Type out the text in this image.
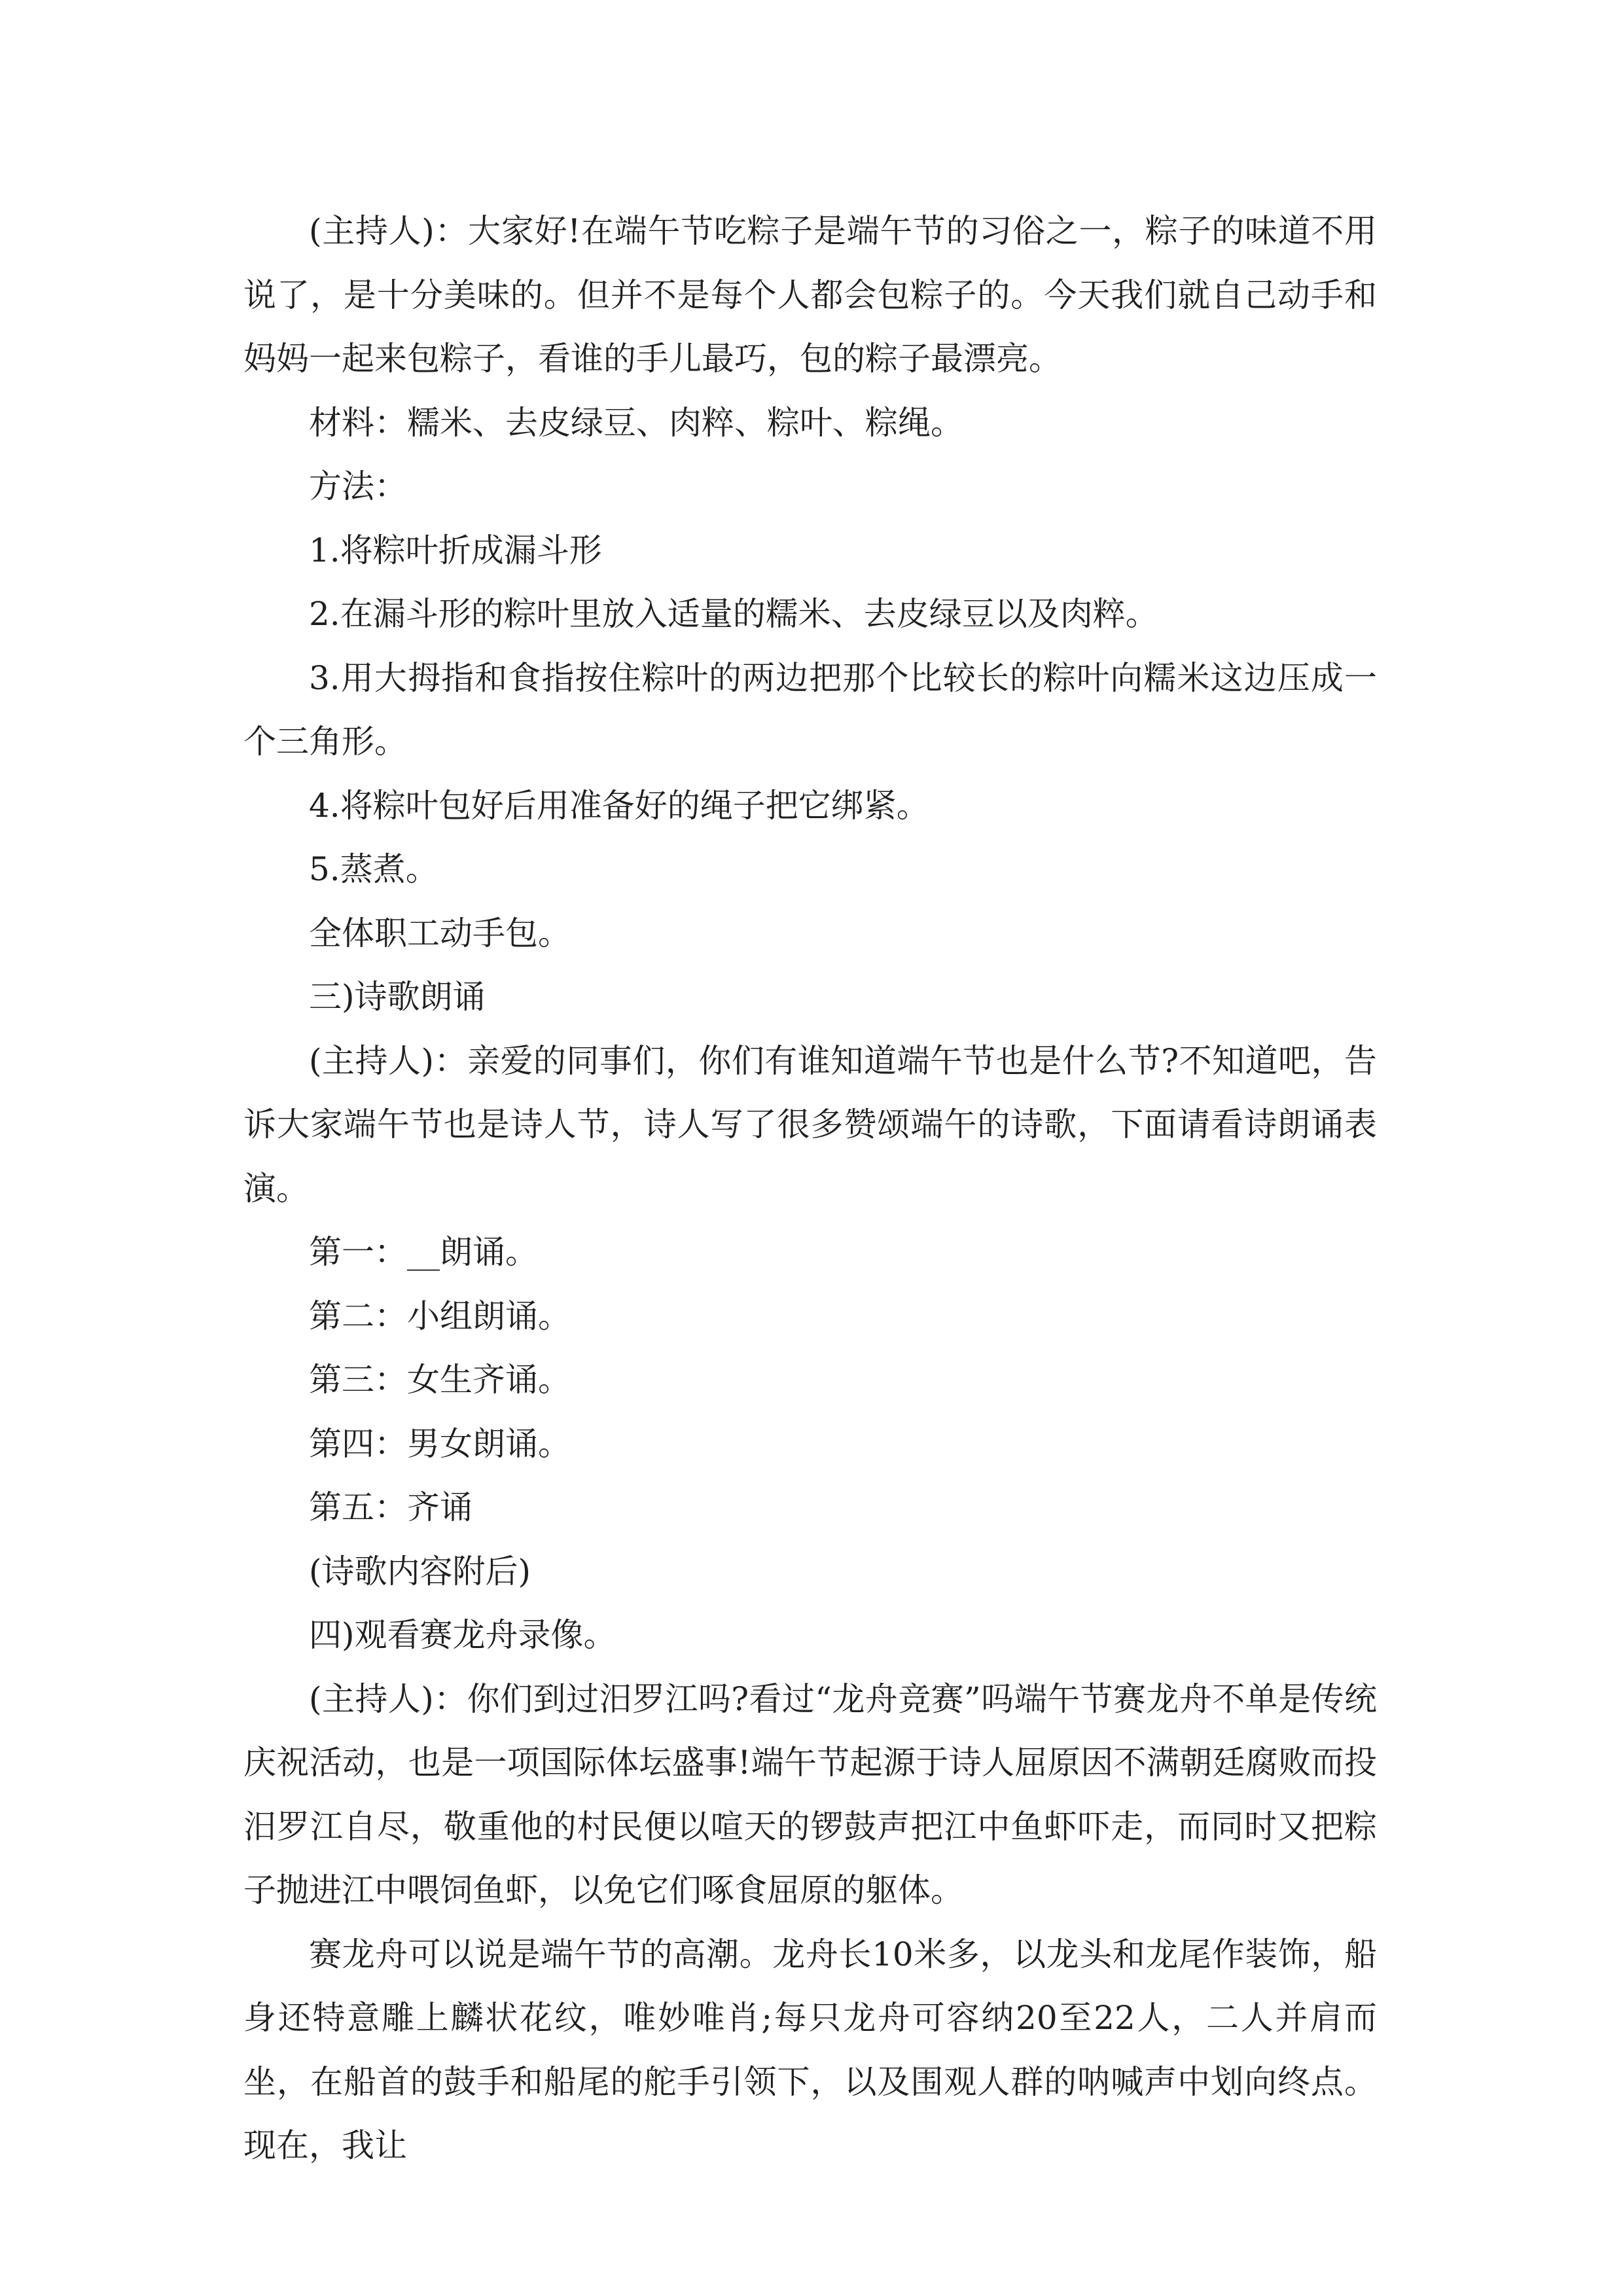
(主持人)：大家好!在端午节吃粽子是端午节的习俗之一，粽子的味道不用说了，是十分美味的。但并不是每个人都会包粽子的。今天我们就自己动手和妈妈一起来包粽子，看谁的手儿最巧，包的粽子最漂亮。

材料：糯米、去皮绿豆、肉粹、粽叶、粽绳。

方法：

1.将粽叶折成漏斗形

2.在漏斗形的粽叶里放入适量的糯米、去皮绿豆以及肉粹。

3.用大拇指和食指按住粽叶的两边把那个比较长的粽叶向糯米这边压成一个三角形。

4.将粽叶包好后用准备好的绳子把它绑紧。

5.蒸煮。

全体职工动手包。

三)诗歌朗诵

(主持人)：亲爱的同事们，你们有谁知道端午节也是什么节?不知道吧，告诉大家端午节也是诗人节，诗人写了很多赞颂端午的诗歌，下面请看诗朗诵表演。

第一：__朗诵。

第二：小组朗诵。

第三：女生齐诵。

第四：男女朗诵。

第五：齐诵

(诗歌内容附后)

四)观看赛龙舟录像。

(主持人)：你们到过汨罗江吗?看过“龙舟竞赛”吗端午节赛龙舟不单是传统庆祝活动，也是一项国际体坛盛事!端午节起源于诗人屈原因不满朝廷腐败而投汨罗江自尽，敬重他的村民便以喧天的锣鼓声把江中鱼虾吓走，而同时又把粽子抛进江中喂饲鱼虾，以免它们啄食屈原的躯体。

赛龙舟可以说是端午节的高潮。龙舟长10米多，以龙头和龙尾作装饰，船身还特意雕上麟状花纹，唯妙唯肖;每只龙舟可容纳20至22人，二人并肩而坐，在船首的鼓手和船尾的舵手引领下，以及围观人群的呐喊声中划向终点。现在，我让
